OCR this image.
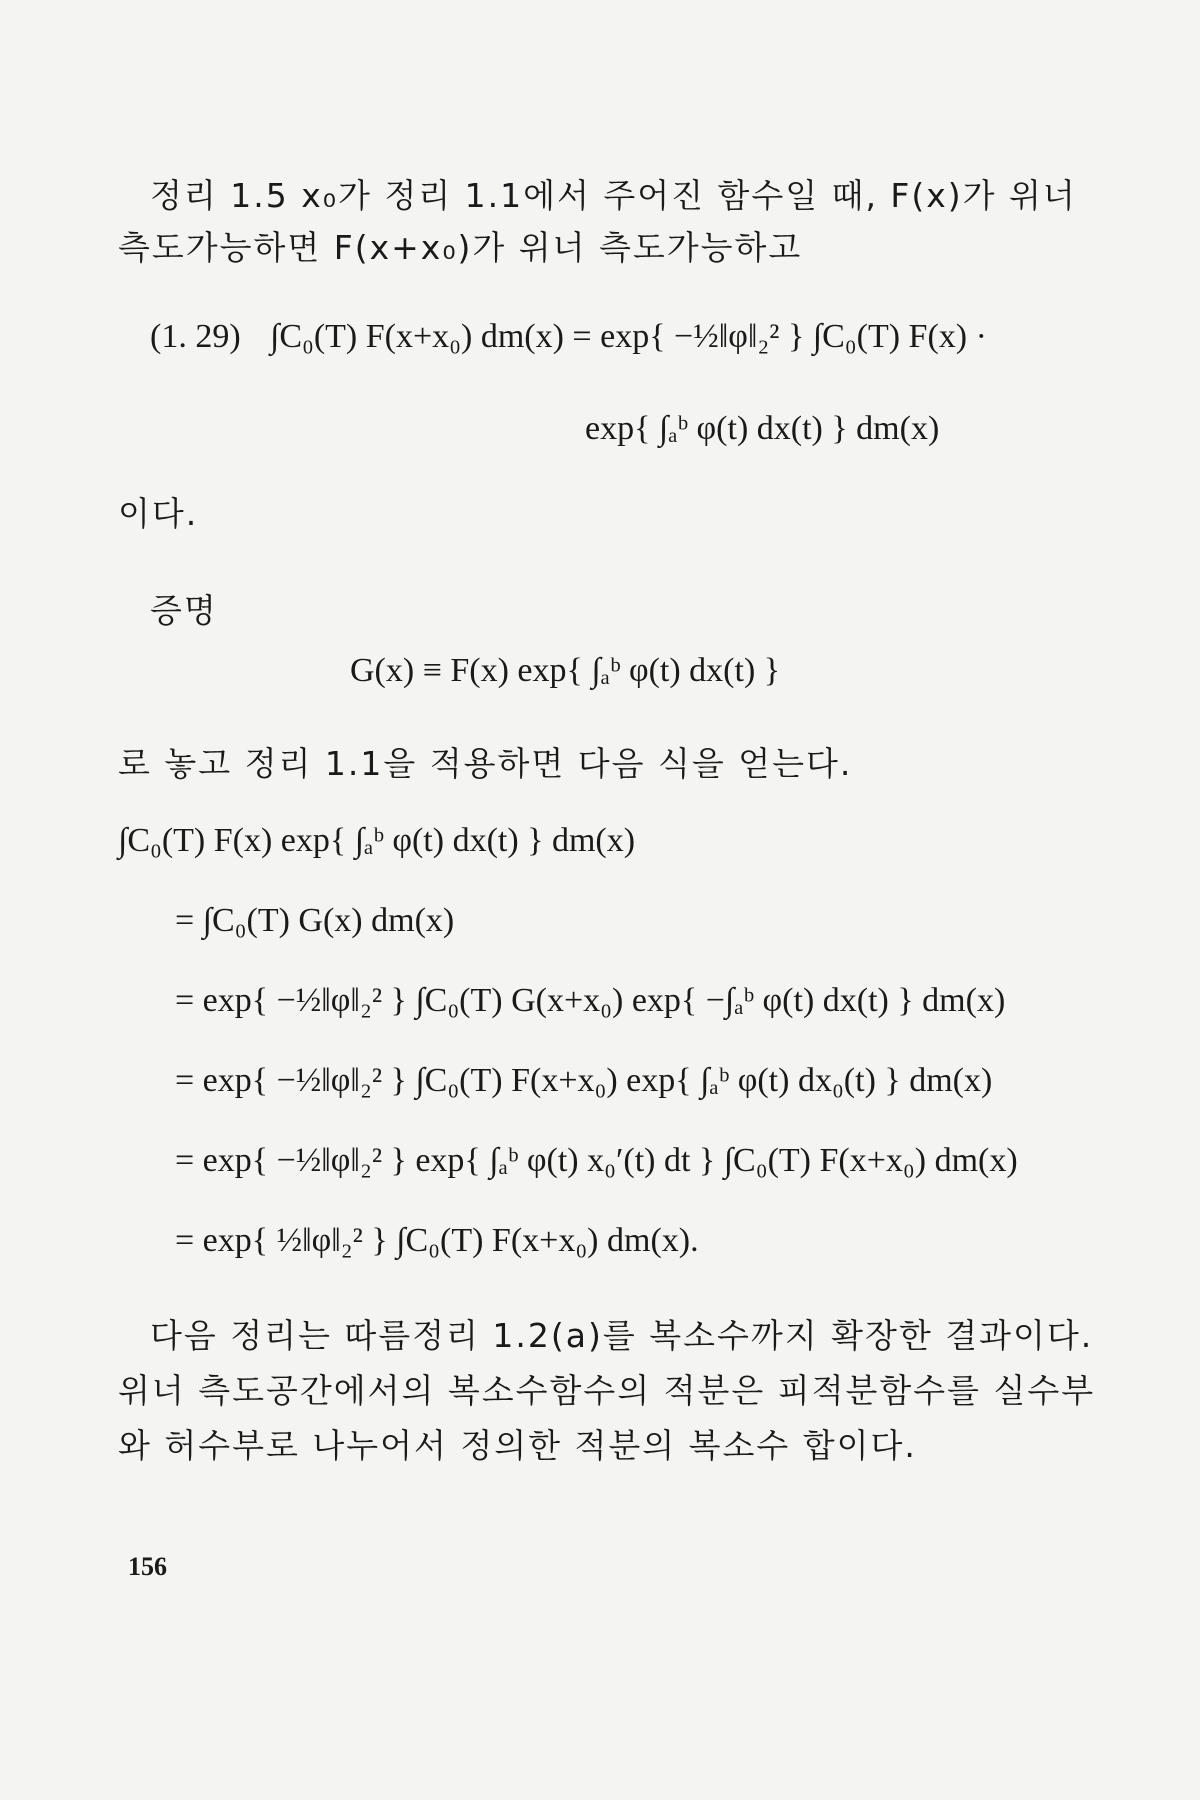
정리 1.5 x₀가 정리 1.1에서 주어진 함수일 때, F(x)가 위너
측도가능하면 F(x+x₀)가 위너 측도가능하고
(1. 29) ∫C₀(T) F(x+x₀) dm(x) = exp{ −½‖φ‖₂² } ∫C₀(T) F(x) ·
exp{ ∫ₐᵇ φ(t) dx(t) } dm(x)
이다.
증명
G(x) ≡ F(x) exp{ ∫ₐᵇ φ(t) dx(t) }
로 놓고 정리 1.1을 적용하면 다음 식을 얻는다.
∫C₀(T) F(x) exp{ ∫ₐᵇ φ(t) dx(t) } dm(x)
= ∫C₀(T) G(x) dm(x)
= exp{ −½‖φ‖₂² } ∫C₀(T) G(x+x₀) exp{ −∫ₐᵇ φ(t) dx(t) } dm(x)
= exp{ −½‖φ‖₂² } ∫C₀(T) F(x+x₀) exp{ ∫ₐᵇ φ(t) dx₀(t) } dm(x)
= exp{ −½‖φ‖₂² } exp{ ∫ₐᵇ φ(t) x₀′(t) dt } ∫C₀(T) F(x+x₀) dm(x)
= exp{ ½‖φ‖₂² } ∫C₀(T) F(x+x₀) dm(x).
다음 정리는 따름정리 1.2(a)를 복소수까지 확장한 결과이다.
위너 측도공간에서의 복소수함수의 적분은 피적분함수를 실수부
와 허수부로 나누어서 정의한 적분의 복소수 합이다.
156
